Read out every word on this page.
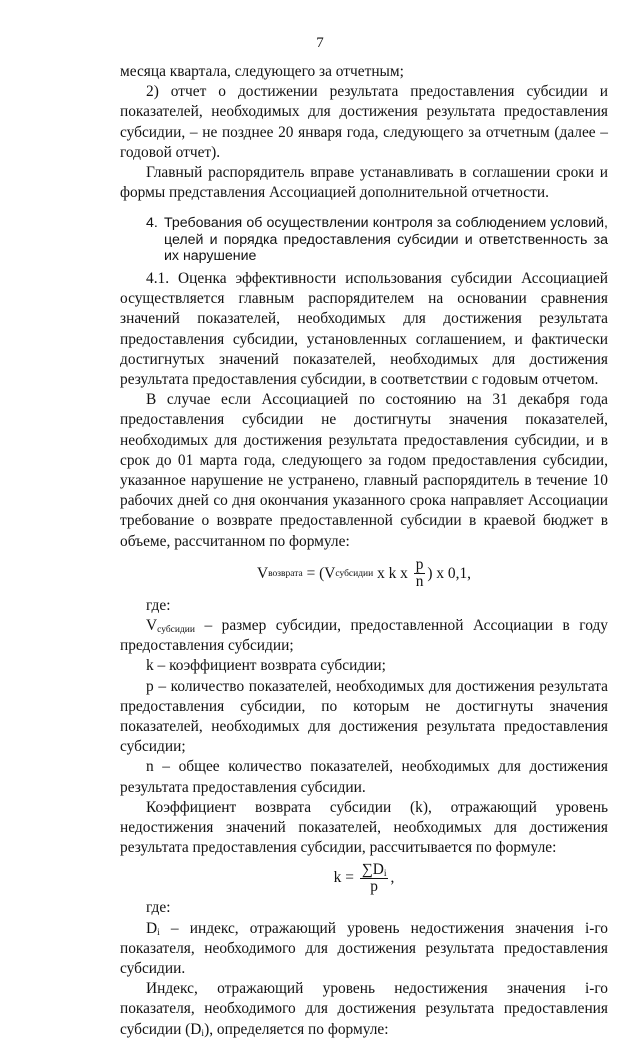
7

месяца квартала, следующего за отчетным;

2) отчет о достижении результата предоставления субсидии и показателей, необходимых для достижения результата предоставления субсидии, – не позднее 20 января года, следующего за отчетным (далее – годовой отчет).

Главный распорядитель вправе устанавливать в соглашении сроки и формы представления Ассоциацией дополнительной отчетности.

4. Требования об осуществлении контроля за соблюдением условий, целей и порядка предоставления субсидии и ответственность за их нарушение

4.1. Оценка эффективности использования субсидии Ассоциацией осуществляется главным распорядителем на основании сравнения значений показателей, необходимых для достижения результата предоставления субсидии, установленных соглашением, и фактически достигнутых значений показателей, необходимых для достижения результата предоставления субсидии, в соответствии с годовым отчетом.

В случае если Ассоциацией по состоянию на 31 декабря года предоставления субсидии не достигнуты значения показателей, необходимых для достижения результата предоставления субсидии, и в срок до 01 марта года, следующего за годом предоставления субсидии, указанное нарушение не устранено, главный распорядитель в течение 10 рабочих дней со дня окончания указанного срока направляет Ассоциации требование о возврате предоставленной субсидии в краевой бюджет в объеме, рассчитанном по формуле:

V возврата = (V субсидии x k x $\frac{p}{n}$ ) x 0,1,

где:

$V_{субсидии}$ – размер субсидии, предоставленной Ассоциации в году предоставления субсидии;

k – коэффициент возврата субсидии;

p – количество показателей, необходимых для достижения результата предоставления субсидии, по которым не достигнуты значения показателей, необходимых для достижения результата предоставления субсидии;

n – общее количество показателей, необходимых для достижения результата предоставления субсидии.

Коэффициент возврата субсидии (k), отражающий уровень недостижения значений показателей, необходимых для достижения результата предоставления субсидии, рассчитывается по формуле:

$k = \frac{\sum D_i}{p}$ ,

где:

$D_i$ – индекс, отражающий уровень недостижения значения i-го показателя, необходимого для достижения результата предоставления субсидии.

Индекс, отражающий уровень недостижения значения i-го показателя, необходимого для достижения результата предоставления субсидии $(D_i)$, определяется по формуле:
